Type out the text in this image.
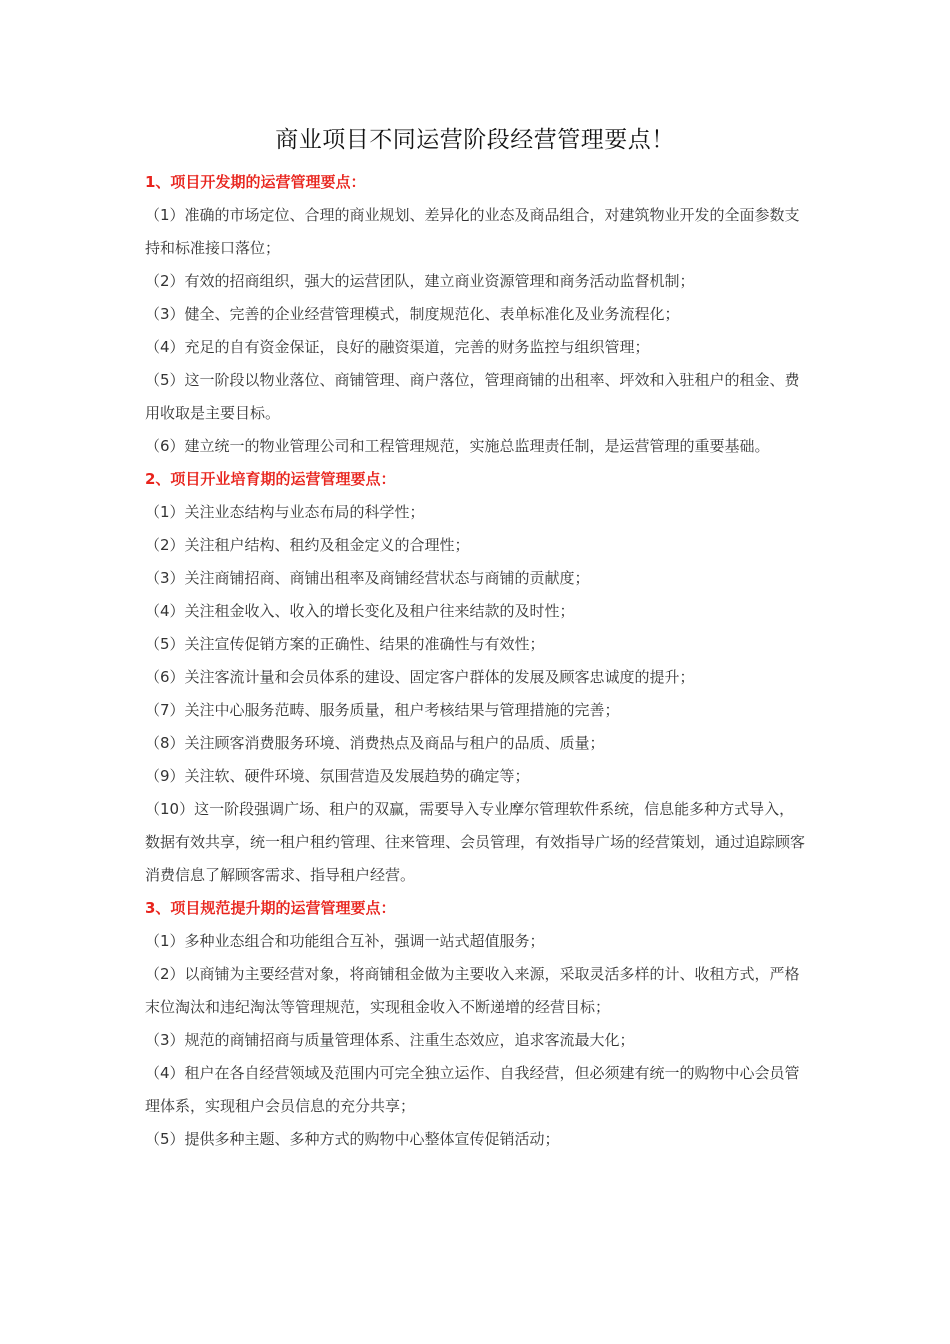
商业项目不同运营阶段经营管理要点！
1、项目开发期的运营管理要点：
（1）准确的市场定位、合理的商业规划、差异化的业态及商品组合，对建筑物业开发的全面参数支持和标准接口落位；
（2）有效的招商组织，强大的运营团队，建立商业资源管理和商务活动监督机制；
（3）健全、完善的企业经营管理模式，制度规范化、表单标准化及业务流程化；
（4）充足的自有资金保证，良好的融资渠道，完善的财务监控与组织管理；
（5）这一阶段以物业落位、商铺管理、商户落位，管理商铺的出租率、坪效和入驻租户的租金、费用收取是主要目标。
（6）建立统一的物业管理公司和工程管理规范，实施总监理责任制，是运营管理的重要基础。
2、项目开业培育期的运营管理要点：
（1）关注业态结构与业态布局的科学性；
（2）关注租户结构、租约及租金定义的合理性；
（3）关注商铺招商、商铺出租率及商铺经营状态与商铺的贡献度；
（4）关注租金收入、收入的增长变化及租户往来结款的及时性；
（5）关注宣传促销方案的正确性、结果的准确性与有效性；
（6）关注客流计量和会员体系的建设、固定客户群体的发展及顾客忠诚度的提升；
（7）关注中心服务范畴、服务质量，租户考核结果与管理措施的完善；
（8）关注顾客消费服务环境、消费热点及商品与租户的品质、质量；
（9）关注软、硬件环境、氛围营造及发展趋势的确定等；
（10）这一阶段强调广场、租户的双赢，需要导入专业摩尔管理软件系统，信息能多种方式导入，数据有效共享，统一租户租约管理、往来管理、会员管理，有效指导广场的经营策划，通过追踪顾客消费信息了解顾客需求、指导租户经营。
3、项目规范提升期的运营管理要点：
（1）多种业态组合和功能组合互补，强调一站式超值服务；
（2）以商铺为主要经营对象，将商铺租金做为主要收入来源，采取灵活多样的计、收租方式，严格末位淘汰和违纪淘汰等管理规范，实现租金收入不断递增的经营目标；
（3）规范的商铺招商与质量管理体系、注重生态效应，追求客流最大化；
（4）租户在各自经营领域及范围内可完全独立运作、自我经营，但必须建有统一的购物中心会员管理体系，实现租户会员信息的充分共享；
（5）提供多种主题、多种方式的购物中心整体宣传促销活动；
